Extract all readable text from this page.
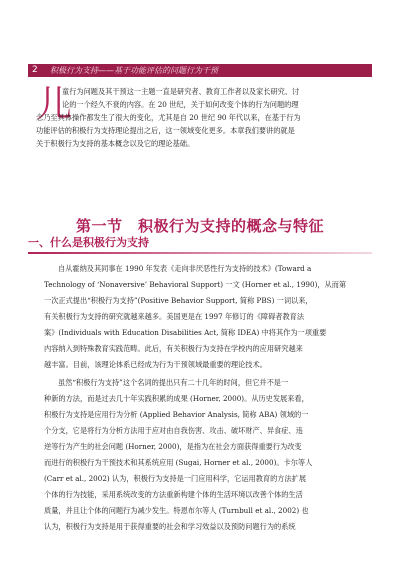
2 积极行为支持——基于功能评估的问题行为干预
儿
童行为问题及其干预这一主题一直是研究者、教育工作者以及家长研究、讨
论的一个经久不衰的内容。在 20 世纪，关于如何改变个体的行为问题的理
念乃至具体操作都发生了很大的变化，尤其是自 20 世纪 90 年代以来，在基于行为
功能评估的积极行为支持理论提出之后，这一领域变化更多。本章我们要讲的就是
关于积极行为支持的基本概念以及它的理论基础。
第一节　积极行为支持的概念与特征
一、什么是积极行为支持
自从霍纳及其同事在 1990 年发表《走向非厌恶性行为支持的技术》(Toward a
Technology of ‘Nonaversive’ Behavioral Support) 一文 (Horner et al., 1990)，从而第
一次正式提出“积极行为支持”(Positive Behavior Support, 简称 PBS) 一词以来，
有关积极行为支持的研究就越来越多。美国更是在 1997 年修订的《障碍者教育法
案》(Individuals with Education Disabilities Act, 简称 IDEA) 中将其作为一项重要
内容纳入到特殊教育实践范畴。此后，有关积极行为支持在学校内的应用研究越来
越丰富。目前，该理论体系已经成为行为干预领域最重要的理论技术。
虽然“积极行为支持”这个名词的提出只有二十几年的时间，但它并不是一
种新的方法，而是过去几十年实践积累的成果 (Horner, 2000)。从历史发展来看，
积极行为支持是应用行为分析 (Applied Behavior Analysis, 简称 ABA) 领域的一
个分支，它是将行为分析方法用于应对由自我伤害、攻击、破坏财产、异食症、违
逆等行为产生的社会问题 (Horner, 2000)，是指为在社会方面获得重要行为改变
而进行的积极行为干预技术和其系统应用 (Sugai, Horner et al., 2000)。卡尔等人
(Carr et al., 2002) 认为，积极行为支持是一门应用科学，它运用教育的方法扩展
个体的行为技能，采用系统改变的方法重新构建个体的生活环境以改善个体的生活
质量，并且让个体的问题行为减少发生。特恩布尔等人 (Turnbull et al., 2002) 也
认为，积极行为支持是用于获得重要的社会和学习效益以及预防问题行为的系统
